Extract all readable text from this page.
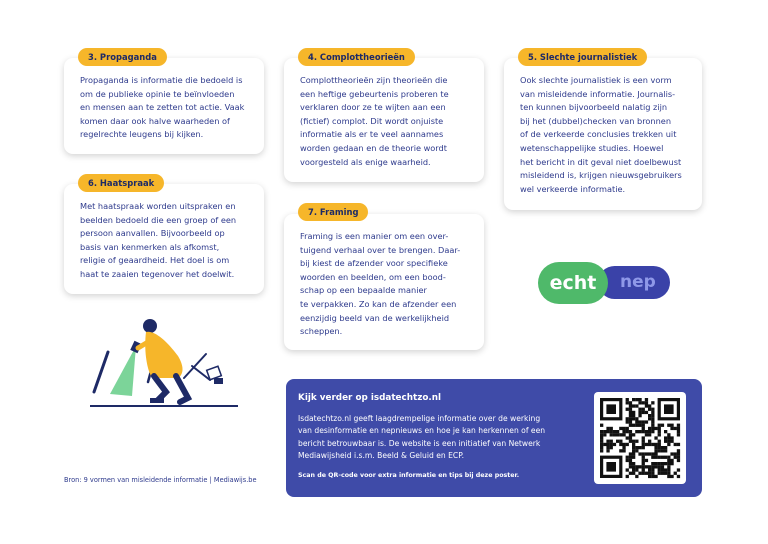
Propaganda is informatie die bedoeld is
om de publieke opinie te beïnvloeden
en mensen aan te zetten tot actie. Vaak
komen daar ook halve waarheden of
regelrechte leugens bij kijken.

3. Propaganda

Complottheorieën zijn theorieën die
een heftige gebeurtenis proberen te
verklaren door ze te wijten aan een
(fictief) complot. Dit wordt onjuiste
informatie als er te veel aannames
worden gedaan en de theorie wordt
voorgesteld als enige waarheid.

4. Complottheorieën

Ook slechte journalistiek is een vorm
van misleidende informatie. Journalis-
ten kunnen bijvoorbeeld nalatig zijn
bij het (dubbel)checken van bronnen
of de verkeerde conclusies trekken uit
wetenschappelijke studies. Hoewel
het bericht in dit geval niet doelbewust
misleidend is, krijgen nieuwsgebruikers
wel verkeerde informatie.

5. Slechte journalistiek

Met haatspraak worden uitspraken en
beelden bedoeld die een groep of een
persoon aanvallen. Bijvoorbeeld op
basis van kenmerken als afkomst,
religie of geaardheid. Het doel is om
haat te zaaien tegenover het doelwit.

6. Haatspraak

Framing is een manier om een over-
tuigend verhaal over te brengen. Daar-
bij kiest de afzender voor specifieke
woorden en beelden, om een bood-
schap op een bepaalde manier
te verpakken. Zo kan de afzender een
eenzijdig beeld van de werkelijkheid
scheppen.

7. Framing
nep
echt
Bron: 9 vormen van misleidende informatie | Mediawijs.be
Kijk verder op isdatechtzo.nl
Isdatechtzo.nl geeft laagdrempelige informatie over de werking
van desinformatie en nepnieuws en hoe je kan herkennen of een
bericht betrouwbaar is. De website is een initiatief van Netwerk
Mediawijsheid i.s.m. Beeld & Geluid en ECP.
Scan de QR-code voor extra informatie en tips bij deze poster.
